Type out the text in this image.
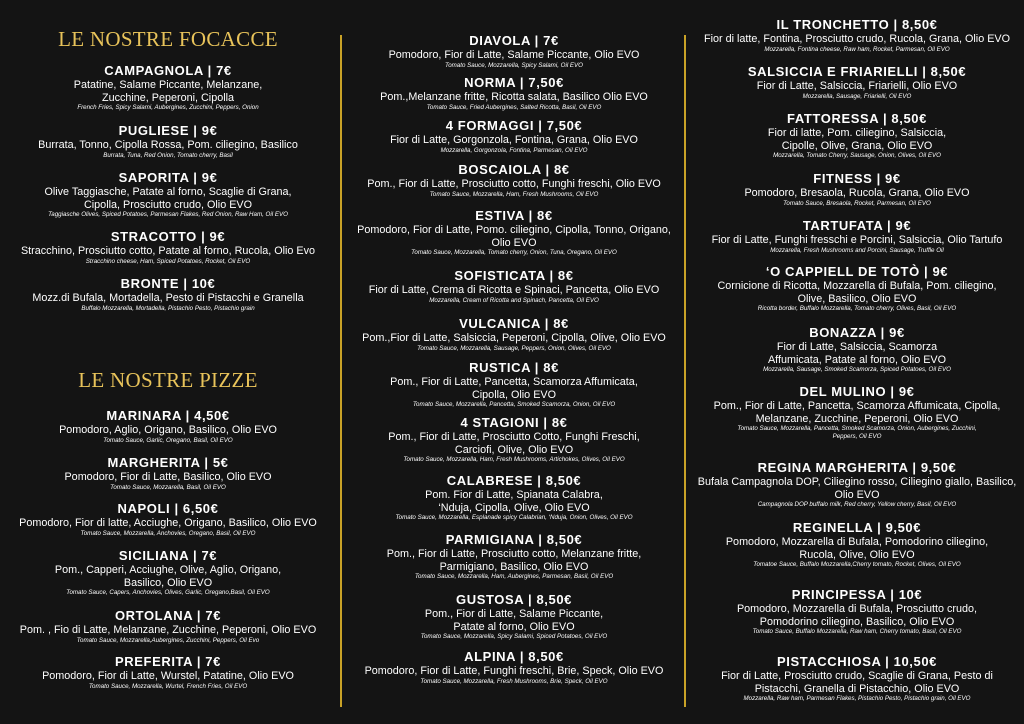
LE NOSTRE FOCACCE
CAMPAGNOLA | 7€
Patatine, Salame Piccante, Melanzane, Zucchine, Peperoni, Cipolla
French Fries, Spicy Salami, Aubergines, Zucchini, Peppers, Onion
PUGLIESE | 9€
Burrata, Tonno, Cipolla Rossa, Pom. ciliegino, Basilico
Burrata, Tuna, Red Onion, Tomato cherry, Basil
SAPORITA | 9€
Olive Taggiasche, Patate al forno, Scaglie di Grana, Cipolla, Prosciutto crudo, Olio EVO
Taggiasche Olives, Spiced Potatoes, Parmesan Flakes, Red Onion, Raw Ham, Oil EVO
STRACOTTO | 9€
Stracchino, Prosciutto cotto, Patate al forno, Rucola, Olio Evo
Stracchino cheese, Ham, Spiced Potatoes, Rocket, Oil EVO
BRONTE | 10€
Mozz.di Bufala, Mortadella, Pesto di Pistacchi e Granella
Buffalo Mozzarella, Mortadella, Pistachio Pesto, Pistachio grain
LE NOSTRE PIZZE
MARINARA | 4,50€
Pomodoro, Aglio, Origano, Basilico, Olio EVO
Tomato Sauce, Garlic, Oregano, Basil, Oil EVO
MARGHERITA | 5€
Pomodoro, Fior di Latte, Basilico, Olio EVO
Tomato Sauce, Mozzarella, Basil, Oil EVO
NAPOLI | 6,50€
Pomodoro, Fior di latte, Acciughe, Origano, Basilico, Olio EVO
Tomato Sauce, Mozzarella, Anchovies, Oregano, Basil, Oil EVO
SICILIANA | 7€
Pom., Capperi, Acciughe, Olive, Aglio, Origano, Basilico, Olio EVO
Tomato Sauce, Capers, Anchovies, Olives, Garlic, Oregano,Basil, Oil EVO
ORTOLANA | 7€
Pom. , Fio di Latte, Melanzane, Zucchine, Peperoni, Olio EVO
Tomato Sauce, Mozzarella,Aubergines, Zucchini, Peppers, Oil Evo
PREFERITA | 7€
Pomodoro, Fior di Latte, Wurstel, Patatine, Olio EVO
Tomato Sauce, Mozzarella, Wurtel, French Fries, Oil EVO
DIAVOLA | 7€
Pomodoro, Fior di Latte, Salame Piccante, Olio EVO
Tomato Sauce, Mozzarella, Spicy Salami, Oil EVO
NORMA | 7,50€
Pom.,Melanzane fritte, Ricotta salata, Basilico Olio EVO
Tomato Sauce, Fried Aubergines, Salted Ricotta, Basil, Oil EVO
4 FORMAGGI | 7,50€
Fior di Latte, Gorgonzola, Fontina, Grana, Olio EVO
Mozzarella, Gorgonzola, Fontina, Parmesan, Oil EVO
BOSCAIOLA | 8€
Pom., Fior di Latte, Prosciutto cotto, Funghi freschi, Olio EVO
Tomato Sauce, Mozzarella, Ham, Fresh Mushrooms, Oil EVO
ESTIVA | 8€
Pomodoro, Fior di Latte, Pomo. ciliegino, Cipolla, Tonno, Origano, Olio EVO
Tomato Sauce, Mozzarella, Tomato cherry, Onion, Tuna, Oregano, Oil EVO
SOFISTICATA | 8€
Fior di Latte, Crema di Ricotta e Spinaci, Pancetta, Olio EVO
Mozzarella, Cream of Ricotta and Spinach, Pancetta, Oil EVO
VULCANICA | 8€
Pom.,Fior di Latte, Salsiccia, Peperoni, Cipolla, Olive, Olio EVO
Tomato Sauce, Mozzarella, Sausage, Peppers, Onion, Olives, Oil EVO
RUSTICA | 8€
Pom., Fior di Latte, Pancetta, Scamorza Affumicata, Cipolla, Olio EVO
Tomato Sauce, Mozzarella, Pancetta, Smoked Scamorza, Onion, Oil EVO
4 STAGIONI | 8€
Pom., Fior di Latte, Prosciutto Cotto, Funghi Freschi, Carciofi, Olive, Olio EVO
Tomato Sauce, Mozzarella, Ham, Fresh Mushrooms, Artichokes, Olives, Oil EVO
CALABRESE | 8,50€
Pom. Fior di Latte, Spianata Calabra, ‘Nduja, Cipolla, Olive, Olio EVO
Tomato Sauce, Mozzarella, Esplanade spicy Calabrian, ‘Nduja, Onion, Olives, Oil EVO
PARMIGIANA | 8,50€
Pom., Fior di Latte, Prosciutto cotto, Melanzane fritte, Parmigiano, Basilico, Olio EVO
Tomato Sauce, Mozzarella, Ham, Aubergines, Parmesan, Basil, Oil EVO
GUSTOSA | 8,50€
Pom., Fior di Latte, Salame Piccante, Patate al forno, Olio EVO
Tomato Sauce, Mozzarella, Spicy Salami, Spiced Potatoes, Oil EVO
ALPINA | 8,50€
Pomodoro, Fior di Latte, Funghi freschi, Brie, Speck, Olio EVO
Tomato Sauce, Mozzarella, Fresh Mushrooms, Brie, Speck, Oil EVO
IL TRONCHETTO | 8,50€
Fior di latte, Fontina, Prosciutto crudo, Rucola, Grana, Olio EVO
Mozzarella, Fontina cheese, Raw ham, Rocket, Parmesan, Oil EVO
SALSICCIA E FRIARIELLI | 8,50€
Fior di Latte, Salsiccia, Friarielli, Olio EVO
Mozzarella, Sausage, Friarielli, Oil EVO
FATTORESSA | 8,50€
Fior di latte, Pom. ciliegino, Salsiccia, Cipolle, Olive, Grana, Olio EVO
Mozzarella, Tomato Cherry, Sausage, Onion, Olives, Oil EVO
FITNESS | 9€
Pomodoro, Bresaola, Rucola, Grana, Olio EVO
Tomato Sauce, Bresaola, Rocket, Parmesan, Oil EVO
TARTUFATA | 9€
Fior di Latte, Funghi fresschi e Porcini, Salsiccia, Olio Tartufo
Mozzarella, Fresh Mushrooms and Porcini, Sausage, Truffle Oil
‘O CAPPIELL DE TOTÒ | 9€
Cornicione di Ricotta, Mozzarella di Bufala, Pom. ciliegino, Olive, Basilico, Olio EVO
Ricotta border, Buffalo Mozzarella, Tomato cherry, Olives, Basil, Oil EVO
BONAZZA | 9€
Fior di Latte, Salsiccia, Scamorza Affumicata, Patate al forno, Olio EVO
Mozzarella, Sausage, Smoked Scamorza, Spiced Potatoes, Oil EVO
DEL MULINO | 9€
Pom., Fior di Latte, Pancetta, Scamorza Affumicata, Cipolla, Melanzane, Zucchine, Peperoni, Olio EVO
Tomato Sauce, Mozzarella, Pancetta, Smoked Scamorza, Onion, Aubergines, Zucchini,
Peppers, Oil EVO
REGINA MARGHERITA | 9,50€
Bufala Campagnola DOP, Ciliegino rosso, Ciliegino giallo, Basilico, Olio EVO
Campagnola DOP buffalo milk, Red cherry, Yellow cherry, Basil, Oil EVO
REGINELLA | 9,50€
Pomodoro, Mozzarella di Bufala, Pomodorino ciliegino, Rucola, Olive, Olio EVO
Tomatoe Sauce, Buffalo Mozzarella,Cherry tomato, Rocket, Olives, Oil EVO
PRINCIPESSA | 10€
Pomodoro, Mozzarella di Bufala, Prosciutto crudo, Pomodorino ciliegino, Basilico, Olio EVO
Tomato Sauce, Buffalo Mozzarella, Raw ham, Cherry tomato, Basil, Oil EVO
PISTACCHIOSA | 10,50€
Fior di Latte, Prosciutto crudo, Scaglie di Grana, Pesto di Pistacchi, Granella di Pistacchio, Olio EVO
Mozzarella, Raw ham, Parmesan Flakes, Pistachio Pesto, Pistachio grain, Oil EVO
